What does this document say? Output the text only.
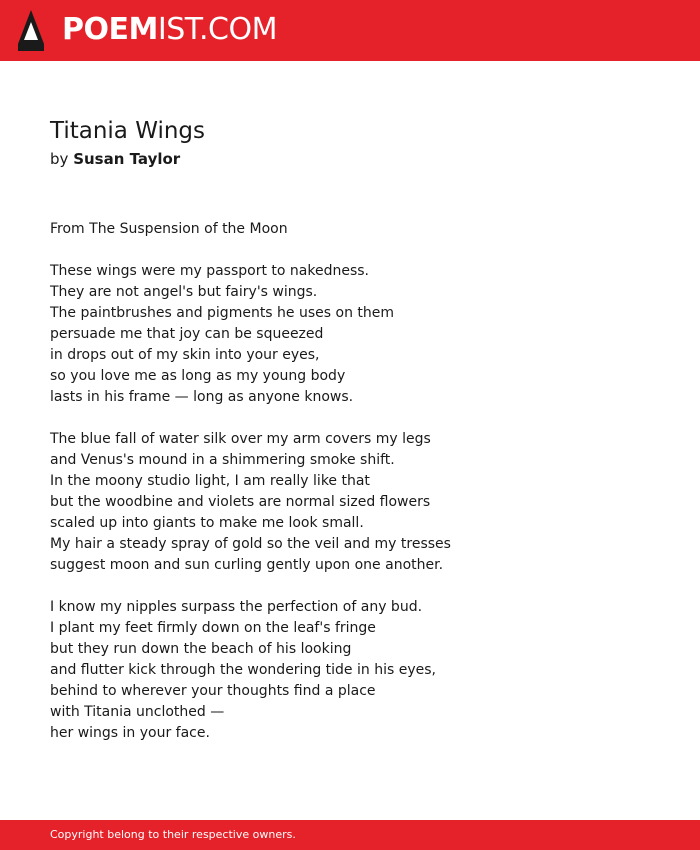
POEMIST.COM
Titania Wings
by Susan Taylor
From The Suspension of the Moon
These wings were my passport to nakedness.
They are not angel's but fairy's wings.
The paintbrushes and pigments he uses on them
persuade me that joy can be squeezed
in drops out of my skin into your eyes,
so you love me as long as my young body
lasts in his frame — long as anyone knows.
The blue fall of water silk over my arm covers my legs
and Venus's mound in a shimmering smoke shift.
In the moony studio light, I am really like that
but the woodbine and violets are normal sized flowers
scaled up into giants to make me look small.
My hair a steady spray of gold so the veil and my tresses
suggest moon and sun curling gently upon one another.
I know my nipples surpass the perfection of any bud.
I plant my feet firmly down on the leaf's fringe
but they run down the beach of his looking
and flutter kick through the wondering tide in his eyes,
behind to wherever your thoughts find a place
with Titania unclothed —
her wings in your face.
Copyright belong to their respective owners.
